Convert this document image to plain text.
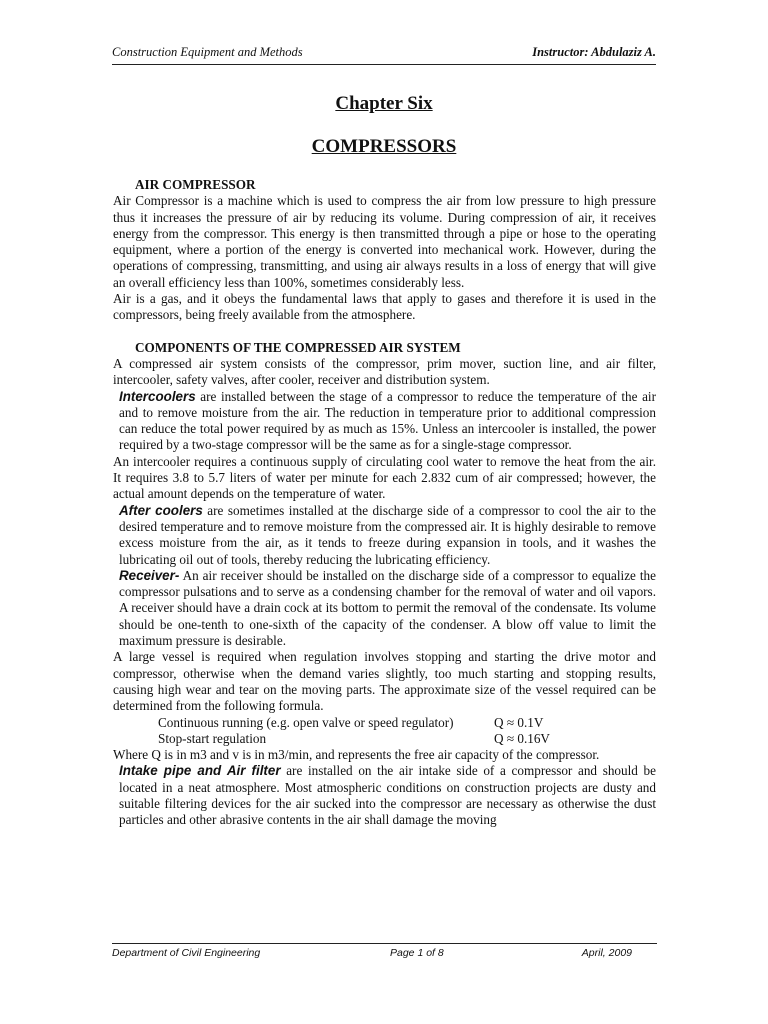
Construction Equipment and Methods	Instructor: Abdulaziz A.
Chapter Six
COMPRESSORS

AIR COMPRESSOR

Air Compressor is a machine which is used to compress the air from low pressure to high pressure thus it increases the pressure of air by reducing its volume. During compression of air, it receives energy from the compressor. This energy is then transmitted through a pipe or hose to the operating equipment, where a portion of the energy is converted into mechanical work. However, during the operations of compressing, transmitting, and using air always results in a loss of energy that will give an overall efficiency less than 100%, sometimes considerably less.

Air is a gas, and it obeys the fundamental laws that apply to gases and therefore it is used in the compressors, being freely available from the atmosphere.

COMPONENTS OF THE COMPRESSED AIR SYSTEM

A compressed air system consists of the compressor, prim mover, suction line, and air filter, intercooler, safety valves, after cooler, receiver and distribution system.

Intercoolers are installed between the stage of a compressor to reduce the temperature of the air and to remove moisture from the air. The reduction in temperature prior to additional compression can reduce the total power required by as much as 15%. Unless an intercooler is installed, the power required by a two-stage compressor will be the same as for a single-stage compressor.

An intercooler requires a continuous supply of circulating cool water to remove the heat from the air. It requires 3.8 to 5.7 liters of water per minute for each 2.832 cum of air compressed; however, the actual amount depends on the temperature of water.

After coolers are sometimes installed at the discharge side of a compressor to cool the air to the desired temperature and to remove moisture from the compressed air. It is highly desirable to remove excess moisture from the air, as it tends to freeze during expansion in tools, and it washes the lubricating oil out of tools, thereby reducing the lubricating efficiency.

Receiver- An air receiver should be installed on the discharge side of a compressor to equalize the compressor pulsations and to serve as a condensing chamber for the removal of water and oil vapors. A receiver should have a drain cock at its bottom to permit the removal of the condensate. Its volume should be one-tenth to one-sixth of the capacity of the condenser. A blow off value to limit the maximum pressure is desirable.

A large vessel is required when regulation involves stopping and starting the drive motor and compressor, otherwise when the demand varies slightly, too much starting and stopping results, causing high wear and tear on the moving parts. The approximate size of the vessel required can be determined from the following formula.

Continuous running (e.g. open valve or speed regulator)	Q ≈ 0.1V
Stop-start regulation	Q ≈ 0.16V

Where Q is in m3 and v is in m3/min, and represents the free air capacity of the compressor.

Intake pipe and Air filter are installed on the air intake side of a compressor and should be located in a neat atmosphere. Most atmospheric conditions on construction projects are dusty and suitable filtering devices for the air sucked into the compressor are necessary as otherwise the dust particles and other abrasive contents in the air shall damage the moving

Department of Civil Engineering	Page 1 of 8	April, 2009
